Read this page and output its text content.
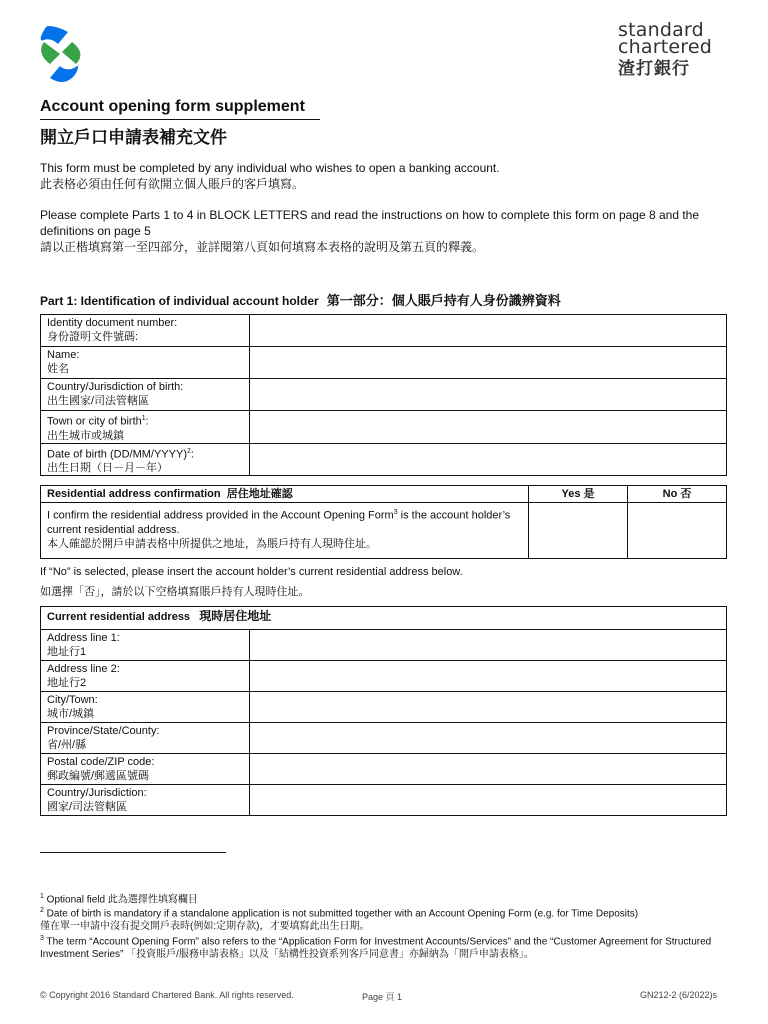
standard
chartered
渣打銀行
Account opening form supplement
開立戶口申請表補充文件
This form must be completed by any individual who wishes to open a banking account.
此表格必須由任何有欲開立個人賬戶的客戶填寫。
Please complete Parts 1 to 4 in BLOCK LETTERS and read the instructions on how to complete this form on page 8 and the definitions on page 5
請以正楷填寫第一至四部分，並詳閱第八頁如何填寫本表格的說明及第五頁的釋義。
Part 1: Identification of individual account holder 第一部分：個人賬戶持有人身份識辨資料
Identity document number:
身份證明文件號碼:	

Name:
姓名	

Country/Jurisdiction of birth:
出生國家/司法管轄區	

Town or city of birth$^1$:
出生城市或城鎮	

Date of birth (DD/MM/YYYY)$^2$:
出生日期（日－月－年）	

Residential address confirmation 居住地址確認	Yes 是	No 否

I confirm the residential address provided in the Account Opening Form$^3$ is the account holder’s current residential address.
本人確認於開戶申請表格中所提供之地址，為賬戶持有人現時住址。		

If “No” is selected, please insert the account holder’s current residential address below.
如選擇「否」，請於以下空格填寫賬戶持有人現時住址。
Current residential address 現時居住地址	

Address line 1:
地址行1	

Address line 2:
地址行2	

City/Town:
城市/城鎮	

Province/State/County:
省/州/縣	

Postal code/ZIP code:
郵政編號/郵遞區號碼	

Country/Jurisdiction:
國家/司法管轄區	

$^1$ Optional field 此為選擇性填寫欄目
$^2$ Date of birth is mandatory if a standalone application is not submitted together with an Account Opening Form (e.g. for Time Deposits)
僅在單一申請中沒有提交開戶表時(例如:定期存款)，才要填寫此出生日期。
$^3$ The term “Account Opening Form” also refers to the “Application Form for Investment Accounts/Services” and the “Customer Agreement for Structured Investment Series” 「投資賬戶/服務申請表格」以及「結構性投資系列客戶同意書」亦歸納為「開戶申請表格」。
© Copyright 2016 Standard Chartered Bank. All rights reserved.	Page 頁 1	GN212-2 (6/2022)s
